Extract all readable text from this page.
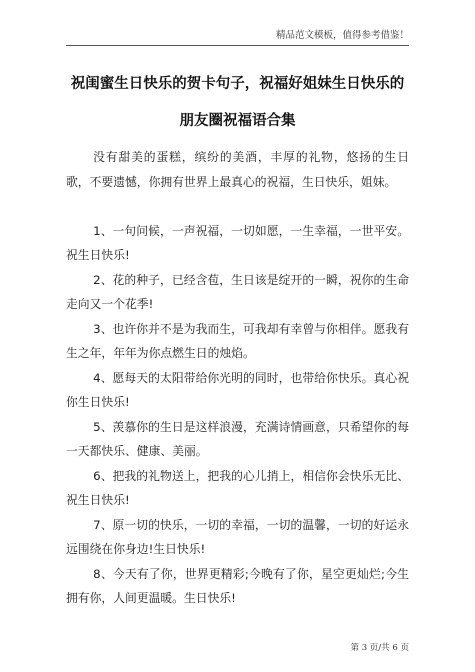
精品范文模板，值得参考借鉴！
祝闺蜜生日快乐的贺卡句子，祝福好姐妹生日快乐的朋友圈祝福语合集

没有甜美的蛋糕，缤纷的美酒，丰厚的礼物，悠扬的生日歌，不要遗憾，你拥有世界上最真心的祝福，生日快乐，姐妹。

1、一句问候，一声祝福，一切如愿，一生幸福，一世平安。祝生日快乐!

2、花的种子，已经含苞，生日该是绽开的一瞬，祝你的生命走向又一个花季!

3、也许你并不是为我而生，可我却有幸曾与你相伴。愿我有生之年，年年为你点燃生日的烛焰。

4、愿每天的太阳带给你光明的同时，也带给你快乐。真心祝你生日快乐!

5、羡慕你的生日是这样浪漫，充满诗情画意，只希望你的每一天都快乐、健康、美丽。

6、把我的礼物送上，把我的心儿捎上，相信你会快乐无比、祝生日快乐!

7、原一切的快乐，一切的幸福，一切的温馨，一切的好运永远围绕在你身边!生日快乐!

8、今天有了你，世界更精彩;今晚有了你，星空更灿烂;今生拥有你，人间更温暖。生日快乐!

第 3 页/共 6 页
